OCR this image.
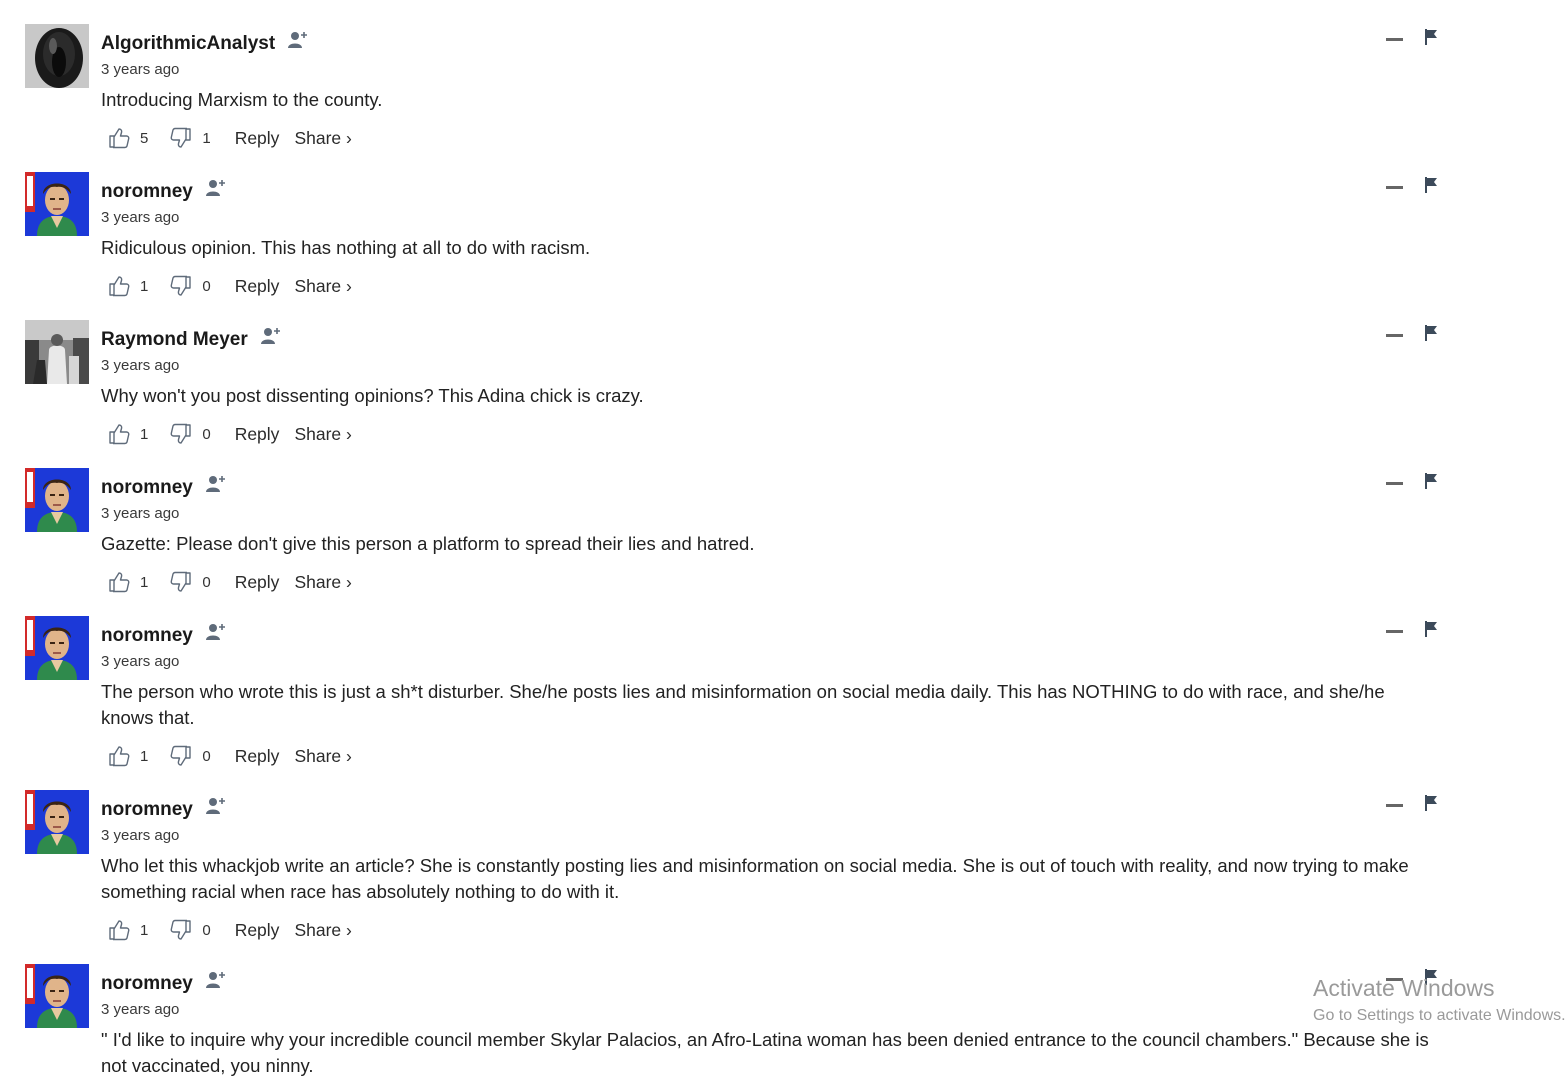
AlgorithmicAnalyst
3 years ago
Introducing Marxism to the county.
5	1 Reply Share ›
noromney
3 years ago
Ridiculous opinion. This has nothing at all to do with racism.
1	0 Reply Share ›
Raymond Meyer
3 years ago
Why won't you post dissenting opinions? This Adina chick is crazy.
1	0 Reply Share ›
noromney
3 years ago
Gazette: Please don't give this person a platform to spread their lies and hatred.
1	0 Reply Share ›
noromney
3 years ago
The person who wrote this is just a sh*t disturber. She/he posts lies and misinformation on social media daily. This has NOTHING to do with race, and she/he knows that.
1	0 Reply Share ›
noromney
3 years ago
Who let this whackjob write an article? She is constantly posting lies and misinformation on social media. She is out of touch with reality, and now trying to make something racial when race has absolutely nothing to do with it.
1	0 Reply Share ›
noromney
3 years ago
" I'd like to inquire why your incredible council member Skylar Palacios, an Afro-Latina woman has been denied entrance to the council chambers." Because she is not vaccinated, you ninny.
Activate Windows
Go to Settings to activate Windows.
